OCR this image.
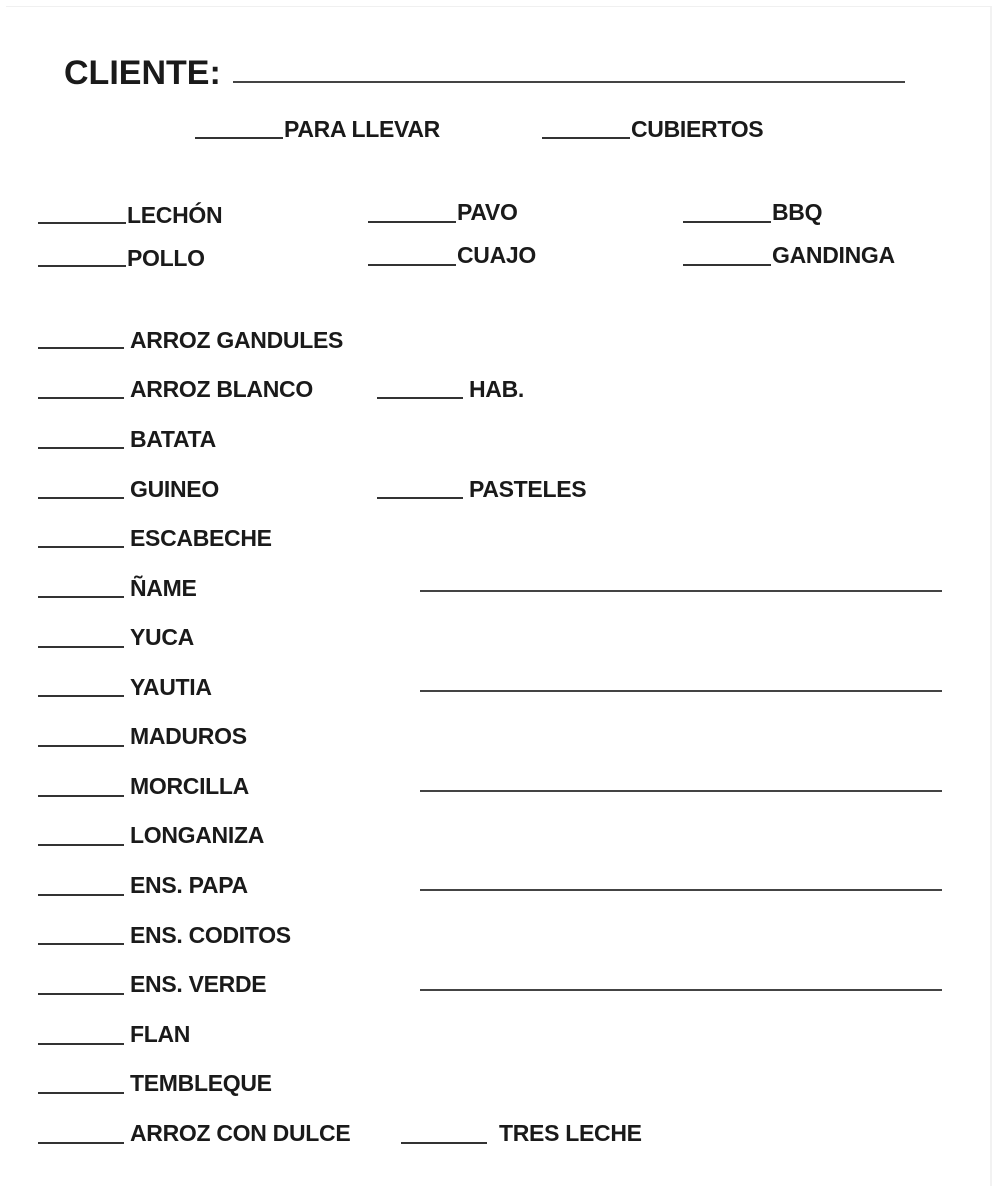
CLIENTE:
PARA LLEVAR	CUBIERTOS
LECHÓN	PAVO	BBQ
POLLO	CUAJO	GANDINGA
ARROZ GANDULES
ARROZ BLANCO	HAB.
BATATA
GUINEO	PASTELES
ESCABECHE
ÑAME
YUCA
YAUTIA
MADUROS
MORCILLA
LONGANIZA
ENS. PAPA
ENS. CODITOS
ENS. VERDE
FLAN
TEMBLEQUE
ARROZ CON DULCE	TRES LECHE
